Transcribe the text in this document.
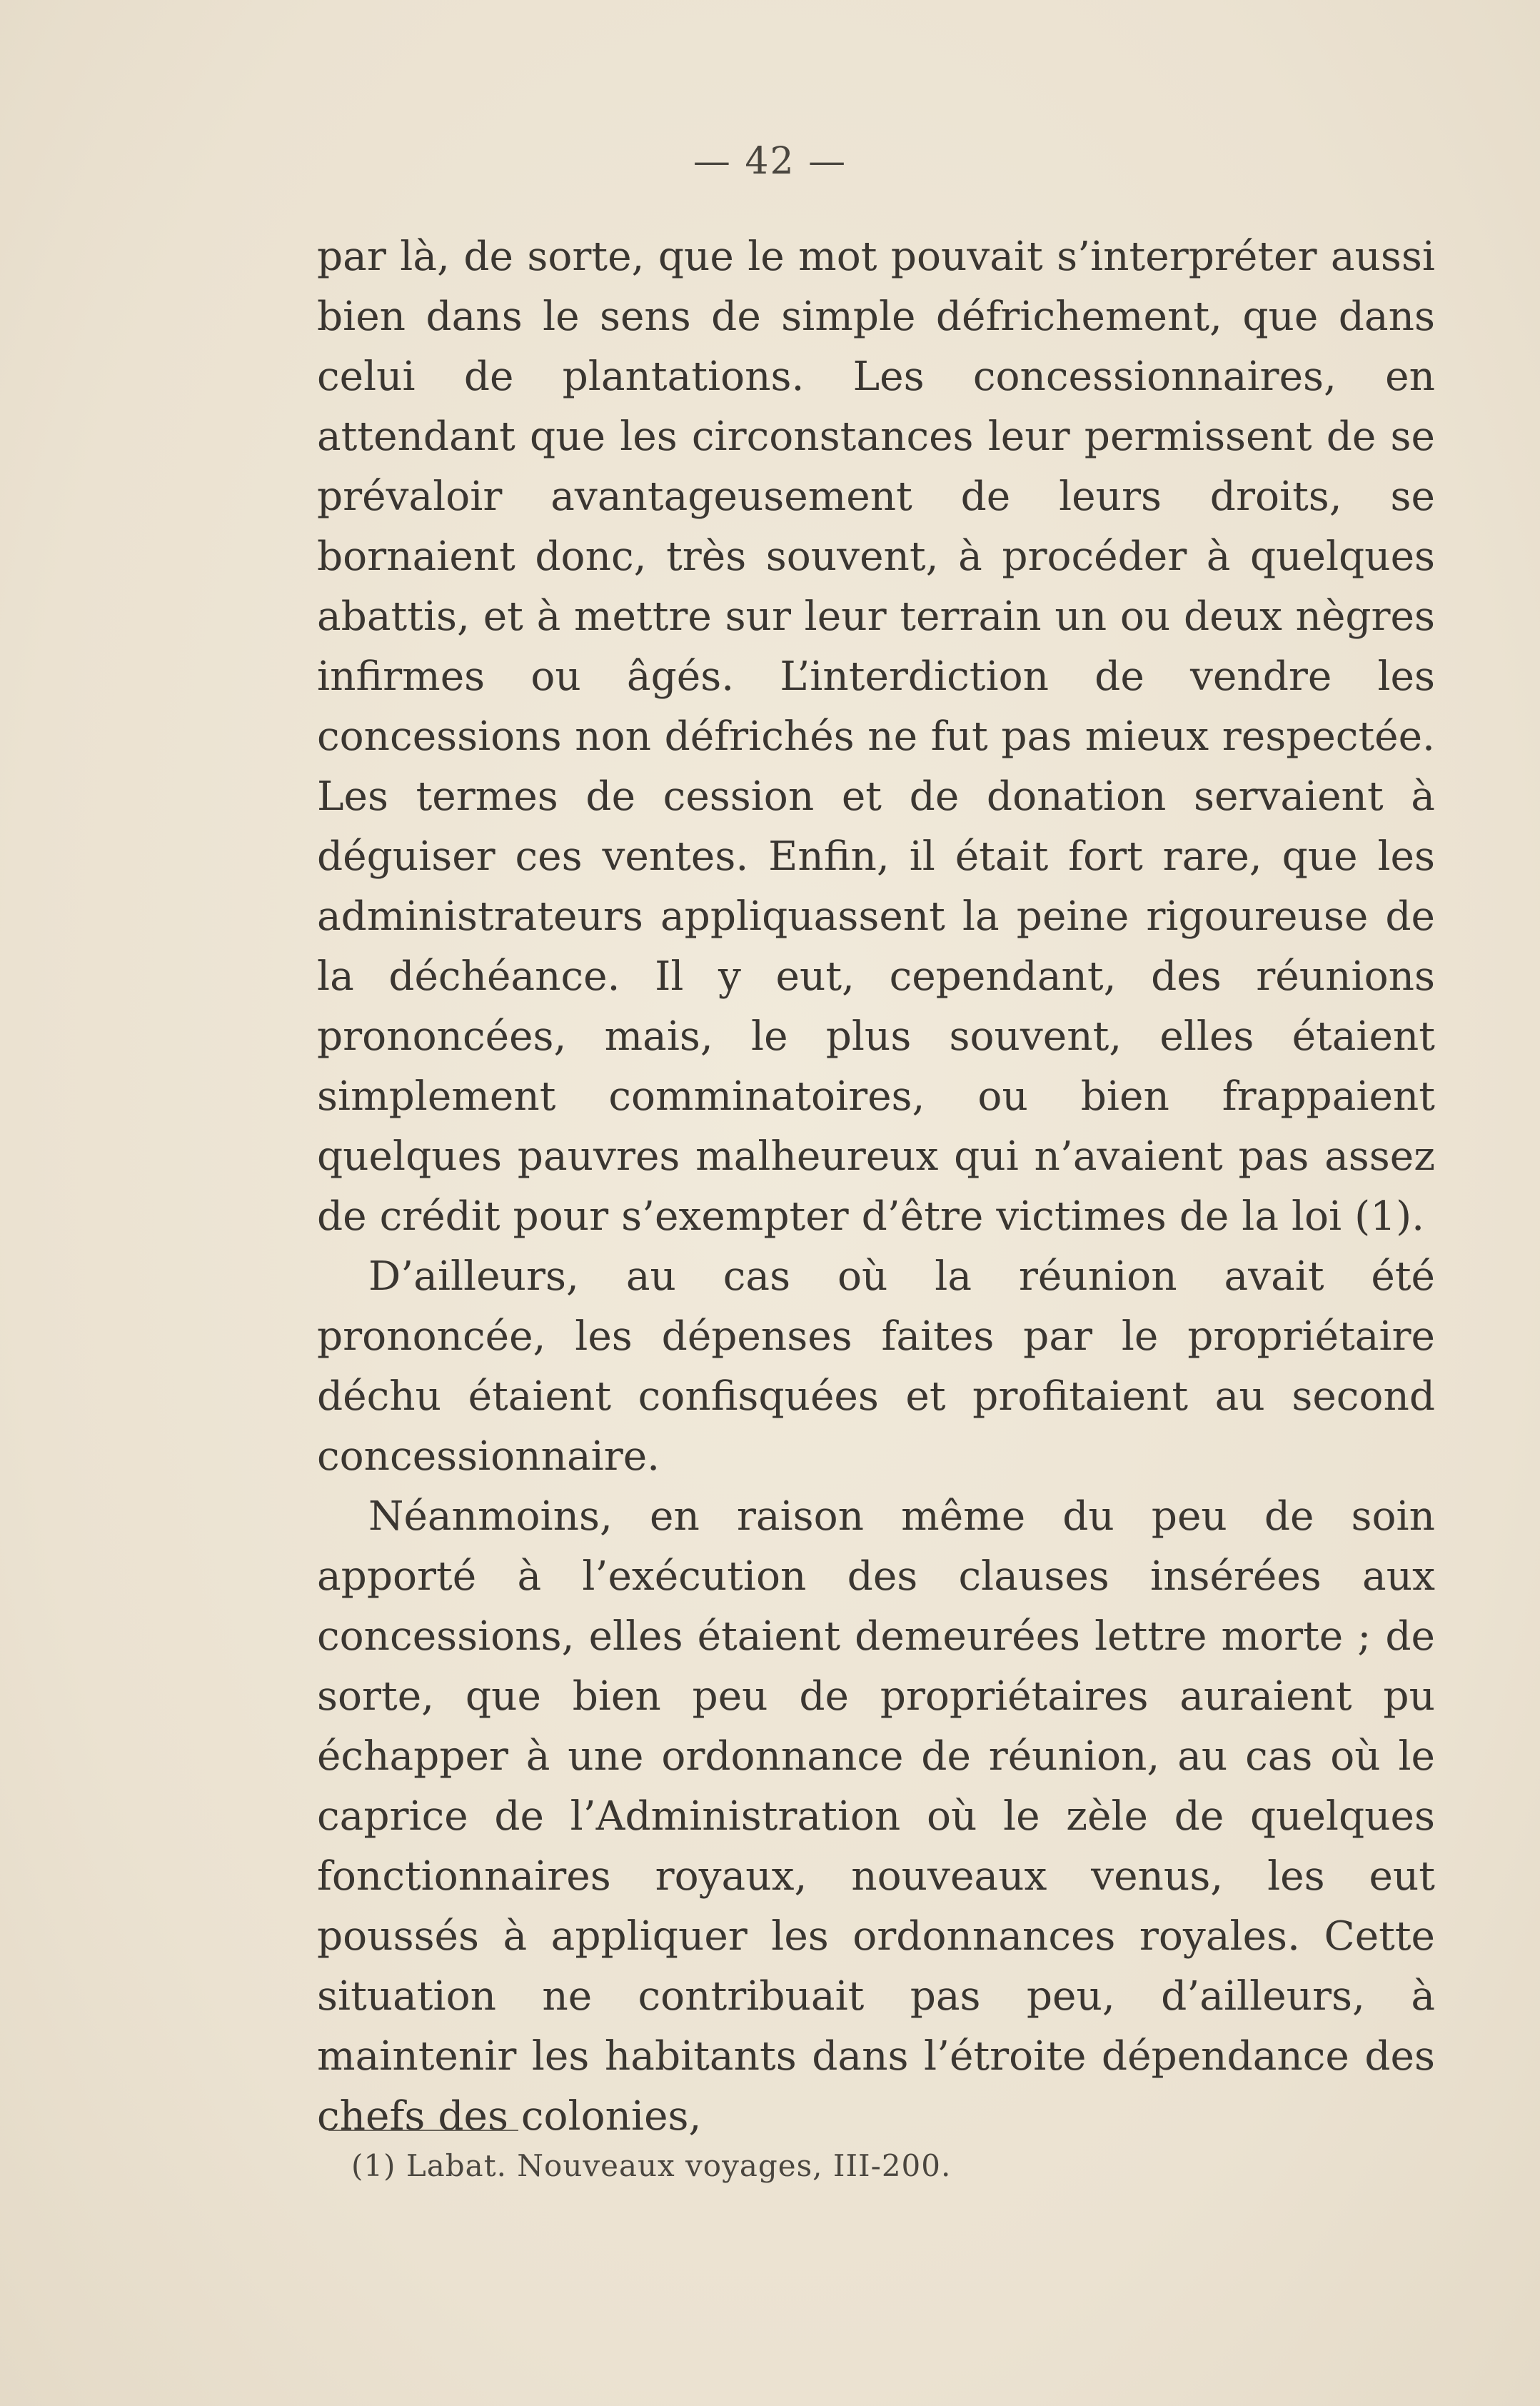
— 42 —

par là, de sorte, que le mot pouvait s’interpréter aussi bien dans le sens de simple défrichement, que dans celui de plantations. Les concessionnaires, en attendant que les circonstances leur permissent de se prévaloir avantageusement de leurs droits, se bornaient donc, très souvent, à procéder à quelques abattis, et à mettre sur leur terrain un ou deux nègres infirmes ou âgés. L’interdiction de vendre les concessions non défrichés ne fut pas mieux respectée. Les termes de cession et de donation servaient à déguiser ces ventes. Enfin, il était fort rare, que les administrateurs appliquassent la peine rigoureuse de la déchéance. Il y eut, cependant, des réunions prononcées, mais, le plus souvent, elles étaient simplement comminatoires, ou bien frappaient quelques pauvres malheureux qui n’avaient pas assez de crédit pour s’exempter d’être victimes de la loi (1).

D’ailleurs, au cas où la réunion avait été prononcée, les dépenses faites par le propriétaire déchu étaient confisquées et profitaient au second concessionnaire.

Néanmoins, en raison même du peu de soin apporté à l’exécution des clauses insérées aux concessions, elles étaient demeurées lettre morte ; de sorte, que bien peu de propriétaires auraient pu échapper à une ordonnance de réunion, au cas où le caprice de l’Administration où le zèle de quelques fonctionnaires royaux, nouveaux venus, les eut poussés à appliquer les ordonnances royales. Cette situation ne contribuait pas peu, d’ailleurs, à maintenir les habitants dans l’étroite dépendance des chefs des colonies,

(1) Labat. Nouveaux voyages, III-200.
